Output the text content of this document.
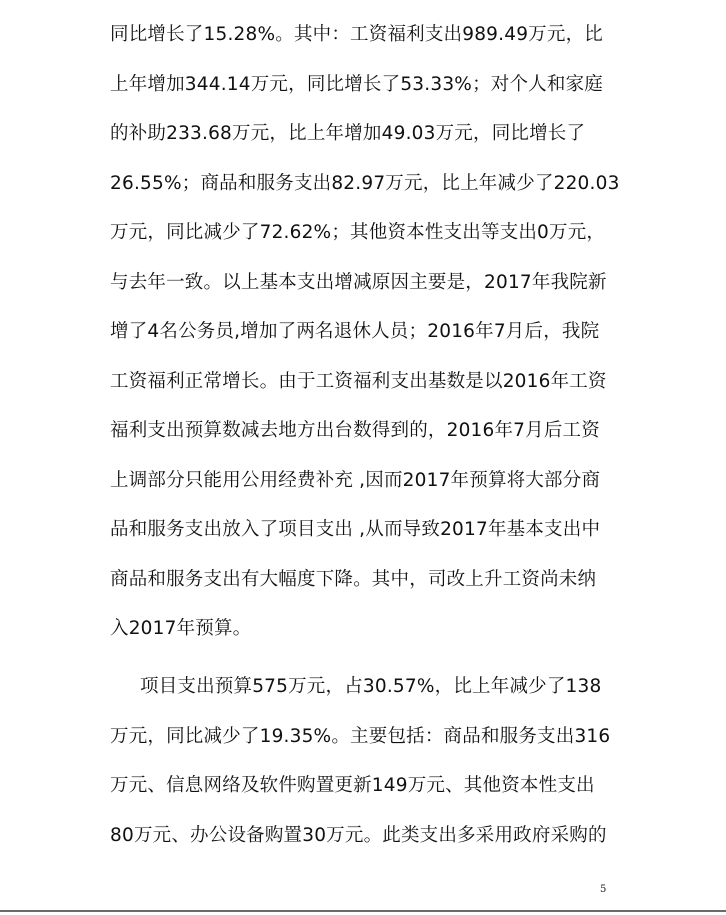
同比增长了15.28%。其中：工资福利支出989.49万元，比
上年增加344.14万元，同比增长了53.33%；对个人和家庭
的补助233.68万元，比上年增加49.03万元，同比增长了
26.55%；商品和服务支出82.97万元，比上年减少了220.03
万元，同比减少了72.62%；其他资本性支出等支出0万元，
与去年一致。以上基本支出增减原因主要是，2017年我院新
增了4名公务员,增加了两名退休人员；2016年7月后，我院
工资福利正常增长。由于工资福利支出基数是以2016年工资
福利支出预算数减去地方出台数得到的，2016年7月后工资
上调部分只能用公用经费补充 ,因而2017年预算将大部分商
品和服务支出放入了项目支出 ,从而导致2017年基本支出中
商品和服务支出有大幅度下降。其中，司改上升工资尚未纳
入2017年预算。
项目支出预算575万元，占30.57%，比上年减少了138
万元，同比减少了19.35%。主要包括：商品和服务支出316
万元、信息网络及软件购置更新149万元、其他资本性支出
80万元、办公设备购置30万元。此类支出多采用政府采购的
5
